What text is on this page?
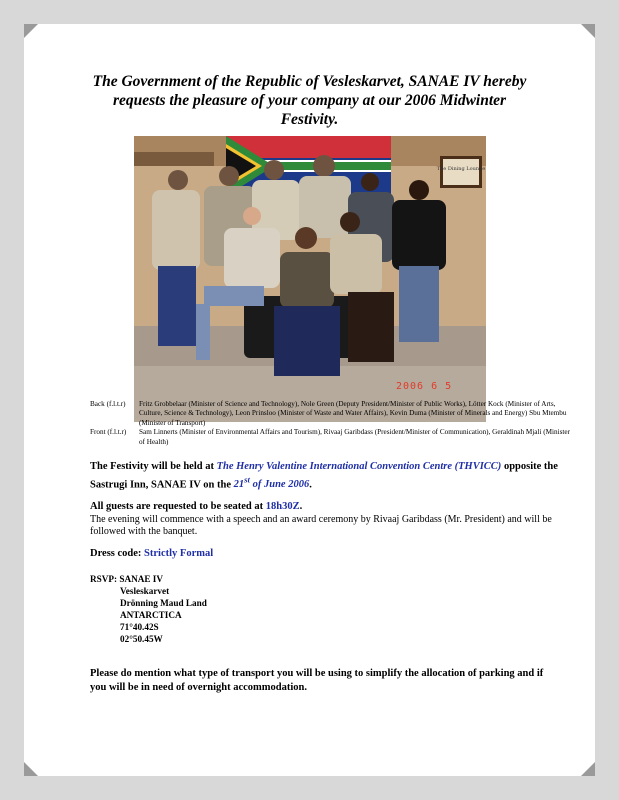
The Government of the Republic of Vesleskarvet, SANAE IV hereby requests the pleasure of your company at our 2006 Midwinter Festivity.
The Dining Lounge
2006 6 5
Back (f.l.t.r) Fritz Grobbelaar (Minister of Science and Technology), Nole Green (Deputy President/Minister of Public Works), Lötter Kock (Minister of Arts, Culture, Science & Technology), Leon Prinsloo (Minister of Waste and Water Affairs), Kevin Duma (Minister of Minerals and Energy) Sbu Mtembu (Minister of Transport)
Front (f.l.t.r) Sam Linnerts (Minister of Environmental Affairs and Tourism), Rivaaj Garibdass (President/Minister of Communication), Geraldinah Mjali (Minister of Health)
The Festivity will be held at The Henry Valentine International Convention Centre (THVICC) opposite the Sastrugi Inn, SANAE IV on the 21st of June 2006.
All guests are requested to be seated at 18h30Z.
The evening will commence with a speech and an award ceremony by Rivaaj Garibdass (Mr. President) and will be followed with the banquet.
Dress code: Strictly Formal
RSVP: SANAE IV
Vesleskarvet
Drönning Maud Land
ANTARCTICA
71°40.42S
02°50.45W
Please do mention what type of transport you will be using to simplify the allocation of parking and if you will be in need of overnight accommodation.
